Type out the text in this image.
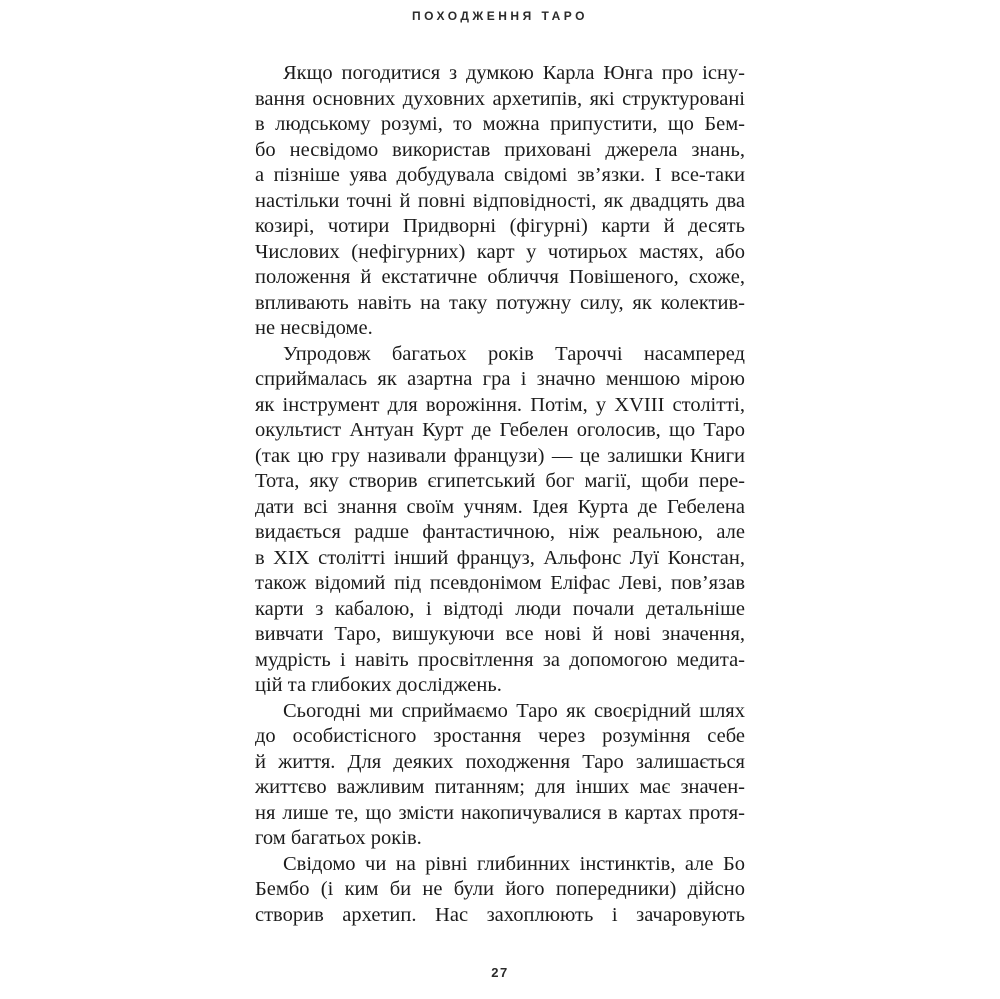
ПОХОДЖЕННЯ ТАРО
Якщо погодитися з думкою Карла Юнга про існу-
вання основних духовних архетипів, які структуровані
в людському розумі, то можна припустити, що Бем-
бо несвідомо використав приховані джерела знань,
а пізніше уява добудувала свідомі зв’язки. І все-таки
настільки точні й повні відповідності, як двадцять два
козирі, чотири Придворні (фігурні) карти й десять
Числових (нефігурних) карт у чотирьох мастях, або
положення й екстатичне обличчя Повішеного, схоже,
впливають навіть на таку потужну силу, як колектив-
не несвідоме.
Упродовж багатьох років Тароччі насамперед
сприймалась як азартна гра і значно меншою мірою
як інструмент для ворожіння. Потім, у XVIII столітті,
окультист Антуан Курт де Гебелен оголосив, що Таро
(так цю гру називали французи) — це залишки Книги
Тота, яку створив єгипетський бог магії, щоби пере-
дати всі знання своїм учням. Ідея Курта де Гебелена
видається радше фантастичною, ніж реальною, але
в XIX столітті інший француз, Альфонс Луї Констан,
також відомий під псевдонімом Еліфас Леві, пов’язав
карти з кабалою, і відтоді люди почали детальніше
вивчати Таро, вишукуючи все нові й нові значення,
мудрість і навіть просвітлення за допомогою медита-
цій та глибоких досліджень.
Сьогодні ми сприймаємо Таро як своєрідний шлях
до особистісного зростання через розуміння себе
й життя. Для деяких походження Таро залишається
життєво важливим питанням; для інших має значен-
ня лише те, що змісти накопичувалися в картах протя-
гом багатьох років.
Свідомо чи на рівні глибинних інстинктів, але Бо
Бембо (і ким би не були його попередники) дійсно
створив архетип. Нас захоплюють і зачаровують
27
